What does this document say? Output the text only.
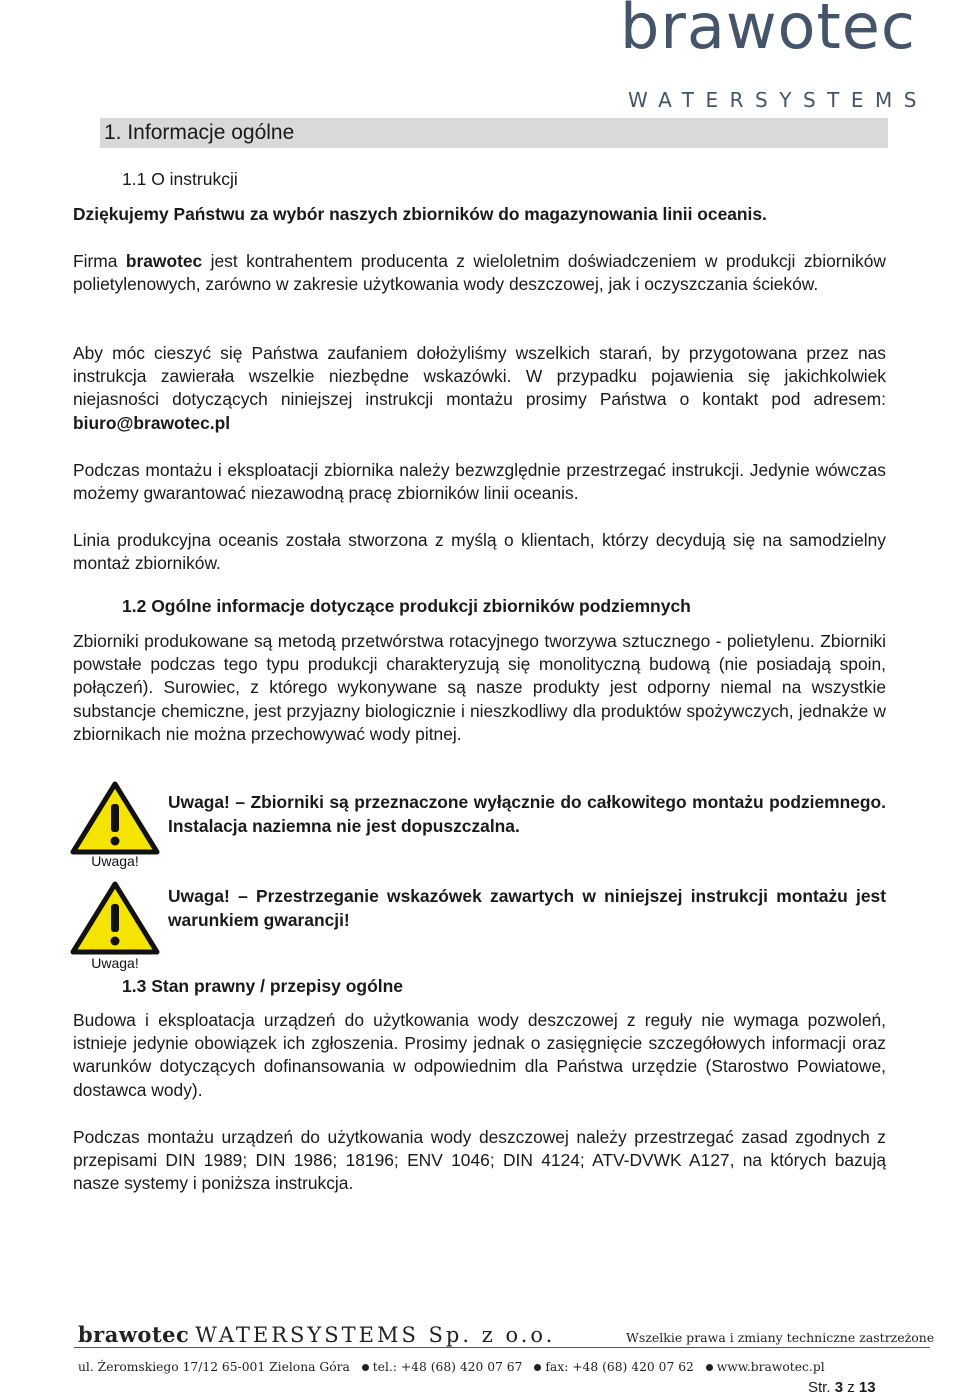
brawotec
WATERSYSTEMS
1. Informacje ogólne
1.1 O instrukcji

Dziękujemy Państwu za wybór naszych zbiorników do magazynowania linii oceanis.

Firma brawotec jest kontrahentem producenta z wieloletnim doświadczeniem w produkcji zbiorników polietylenowych, zarówno w zakresie użytkowania wody deszczowej, jak i oczyszczania ścieków.

Aby móc cieszyć się Państwa zaufaniem dołożyliśmy wszelkich starań, by przygotowana przez nas instrukcja zawierała wszelkie niezbędne wskazówki. W przypadku pojawienia się jakichkolwiek niejasności dotyczących niniejszej instrukcji montażu prosimy Państwa o kontakt pod adresem: biuro@brawotec.pl

Podczas montażu i eksploatacji zbiornika należy bezwzględnie przestrzegać instrukcji. Jedynie wówczas możemy gwarantować niezawodną pracę zbiorników linii oceanis.

Linia produkcyjna oceanis została stworzona z myślą o klientach, którzy decydują się na samodzielny montaż zbiorników.

1.2 Ogólne informacje dotyczące produkcji zbiorników podziemnych

Zbiorniki produkowane są metodą przetwórstwa rotacyjnego tworzywa sztucznego - polietylenu. Zbiorniki powstałe podczas tego typu produkcji charakteryzują się monolityczną budową (nie posiadają spoin, połączeń). Surowiec, z którego wykonywane są nasze produkty jest odporny niemal na wszystkie substancje chemiczne, jest przyjazny biologicznie i nieszkodliwy dla produktów spożywczych, jednakże w zbiornikach nie można przechowywać wody pitnej.

Uwaga!

Uwaga! – Zbiorniki są przeznaczone wyłącznie do całkowitego montażu podziemnego. Instalacja naziemna nie jest dopuszczalna.

Uwaga!

Uwaga! – Przestrzeganie wskazówek zawartych w niniejszej instrukcji montażu jest warunkiem gwarancji!

1.3 Stan prawny / przepisy ogólne

Budowa i eksploatacja urządzeń do użytkowania wody deszczowej z reguły nie wymaga pozwoleń, istnieje jedynie obowiązek ich zgłoszenia. Prosimy jednak o zasięgnięcie szczegółowych informacji oraz warunków dotyczących dofinansowania w odpowiednim dla Państwa urzędzie (Starostwo Powiatowe, dostawca wody).

Podczas montażu urządzeń do użytkowania wody deszczowej należy przestrzegać zasad zgodnych z przepisami DIN 1989; DIN 1986; 18196; ENV 1046; DIN 4124; ATV-DVWK A127, na których bazują nasze systemy i poniższa instrukcja.

brawotec WATERSYSTEMS Sp. z o.o.	Wszelkie prawa i zmiany techniczne zastrzeżone
ul. Żeromskiego 17/12 65-001 Zielona Góra tel.: +48 (68) 420 07 67 fax: +48 (68) 420 07 62 www.brawotec.pl
Str. 3 z 13
